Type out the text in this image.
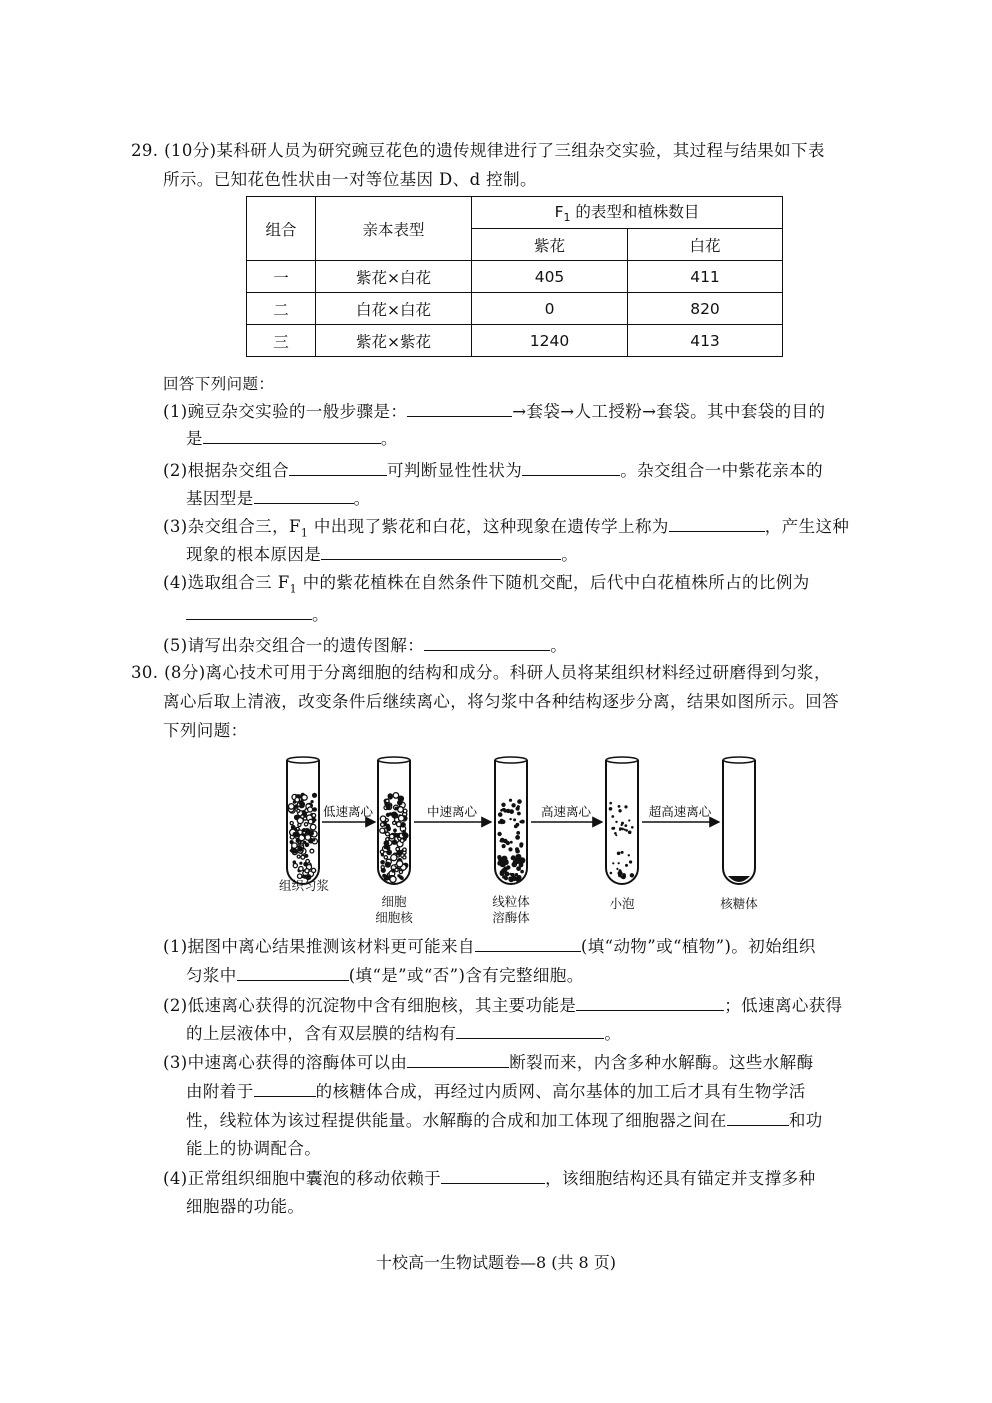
29. (10分)某科研人员为研究豌豆花色的遗传规律进行了三组杂交实验，其过程与结果如下表
所示。已知花色性状由一对等位基因 D、d 控制。
组合	亲本表型	$F_1$ 的表型和植株数目	
		紫花	白花
一	紫花×白花	405	411
二	白花×白花	0	820
三	紫花×紫花	1240	413
回答下列问题：
(1)豌豆杂交实验的一般步骤是：	→套袋→人工授粉→套袋。其中套袋的目的
是	。
(2)根据杂交组合	可判断显性性状为	。杂交组合一中紫花亲本的
基因型是	。
(3)杂交组合三，$F_1$ 中出现了紫花和白花，这种现象在遗传学上称为	，产生这种
现象的根本原因是	。
(4)选取组合三 $F_1$ 中的紫花植株在自然条件下随机交配，后代中白花植株所占的比例为
。
(5)请写出杂交组合一的遗传图解：	。
30. (8分)离心技术可用于分离细胞的结构和成分。科研人员将某组织材料经过研磨得到匀浆，
离心后取上清液，改变条件后继续离心，将匀浆中各种结构逐步分离，结果如图所示。回答
下列问题：
低速离心	中速离心	高速离心	超高速离心
组织匀浆
细胞
细胞核
线粒体
溶酶体
小泡	核糖体
(1)据图中离心结果推测该材料更可能来自	(填“动物”或“植物”)。初始组织
匀浆中	(填“是”或“否”)含有完整细胞。
(2)低速离心获得的沉淀物中含有细胞核，其主要功能是	；低速离心获得
的上层液体中，含有双层膜的结构有	。
(3)中速离心获得的溶酶体可以由	断裂而来，内含多种水解酶。这些水解酶
由附着于	的核糖体合成，再经过内质网、高尔基体的加工后才具有生物学活
性，线粒体为该过程提供能量。水解酶的合成和加工体现了细胞器之间在	和功
能上的协调配合。
(4)正常组织细胞中囊泡的移动依赖于	，该细胞结构还具有锚定并支撑多种
细胞器的功能。
十校高一生物试题卷—8 (共 8 页)
